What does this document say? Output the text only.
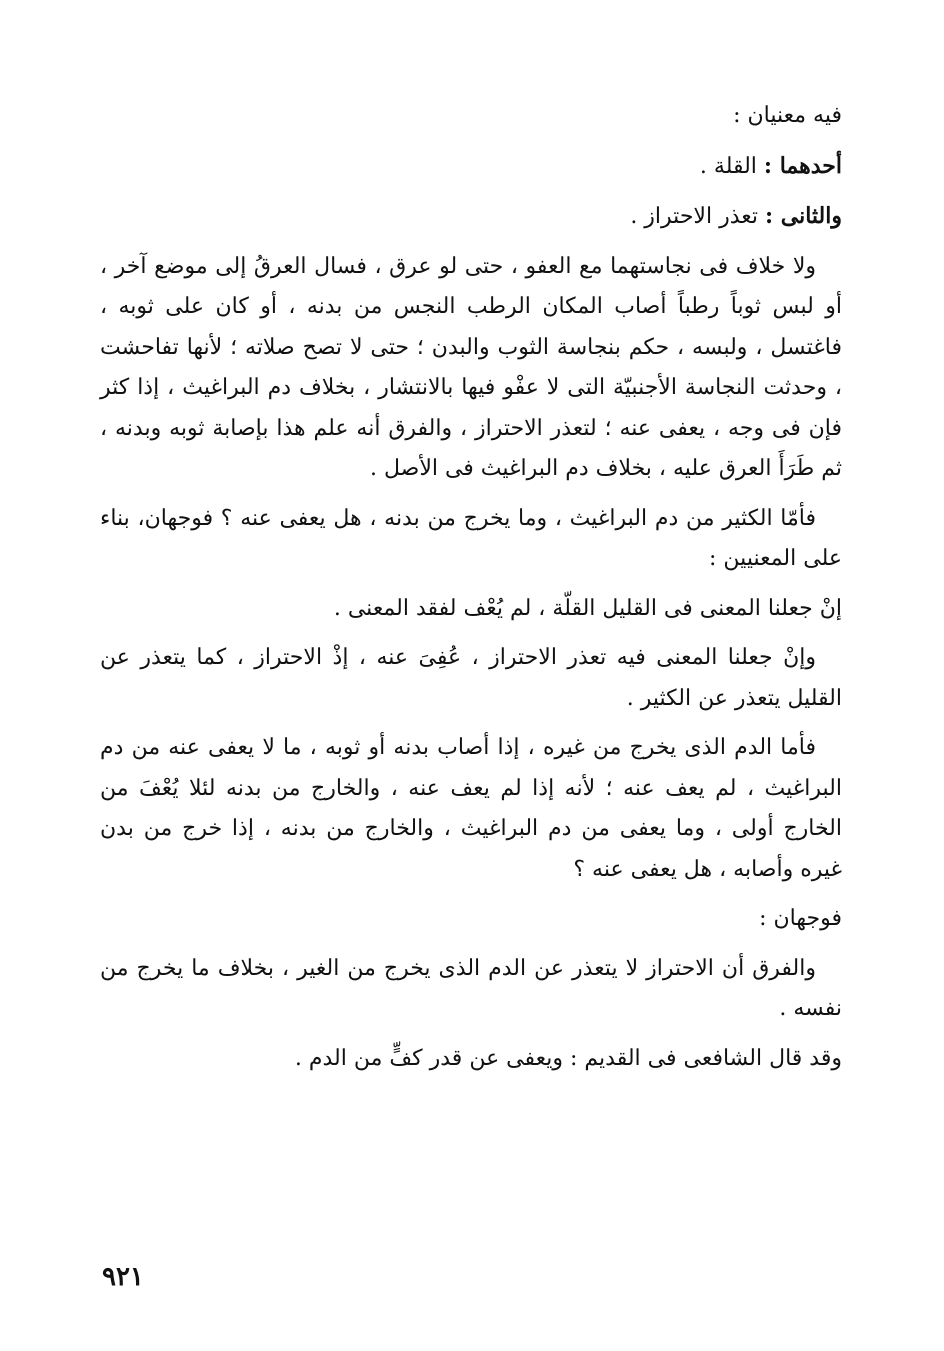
فيه معنيان :

أحدهما : القلة .

والثانى : تعذر الاحتراز .

ولا خلاف فى نجاستهما مع العفو ، حتى لو عرق ، فسال العرقُ إلى موضع آخر ، أو لبس ثوباً رطباً أصاب المكان الرطب النجس من بدنه ، أو كان على ثوبه ، فاغتسل ، ولبسه ، حكم بنجاسة الثوب والبدن ؛ حتى لا تصح صلاته ؛ لأنها تفاحشت ، وحدثت النجاسة الأجنبيّة التى لا عفْو فيها بالانتشار ، بخلاف دم البراغيث ، إذا كثر فإن فى وجه ، يعفى عنه ؛ لتعذر الاحتراز ، والفرق أنه علم هذا بإصابة ثوبه وبدنه ، ثم طَرَأَ العرق عليه ، بخلاف دم البراغيث فى الأصل .

فأمّا الكثير من دم البراغيث ، وما يخرج من بدنه ، هل يعفى عنه ؟ فوجهان، بناء على المعنيين :

إنْ جعلنا المعنى فى القليل القلّة ، لم يُعْف لفقد المعنى .

وإنْ جعلنا المعنى فيه تعذر الاحتراز ، عُفِىَ عنه ، إذْ الاحتراز ، كما يتعذر عن القليل يتعذر عن الكثير .

فأما الدم الذى يخرج من غيره ، إذا أصاب بدنه أو ثوبه ، ما لا يعفى عنه من دم البراغيث ، لم يعف عنه ؛ لأنه إذا لم يعف عنه ، والخارج من بدنه لئلا يُعْفَ من الخارج أولى ، وما يعفى من دم البراغيث ، والخارج من بدنه ، إذا خرج من بدن غيره وأصابه ، هل يعفى عنه ؟

فوجهان :

والفرق أن الاحتراز لا يتعذر عن الدم الذى يخرج من الغير ، بخلاف ما يخرج من نفسه .

وقد قال الشافعى فى القديم : ويعفى عن قدر كفٍّ من الدم .

٩٢١
